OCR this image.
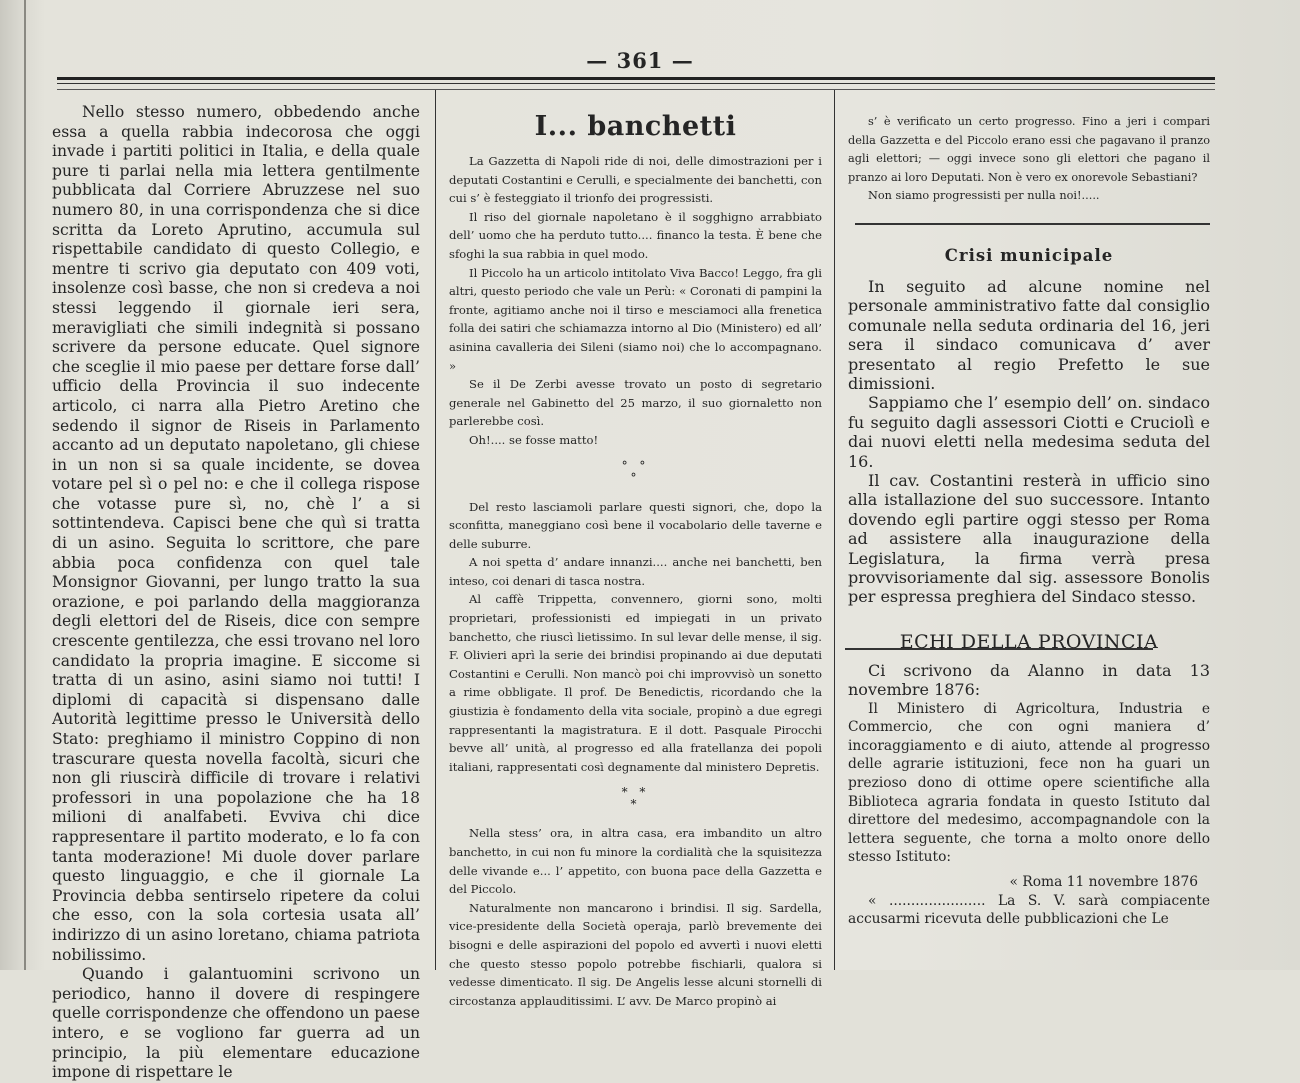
— 361 —

Nello stesso numero, obbedendo anche essa a quella rabbia indecorosa che oggi invade i partiti politici in Italia, e della quale pure ti parlai nella mia lettera gentilmente pubblicata dal Corriere Abruzzese nel suo numero 80, in una corrispondenza che si dice scritta da Loreto Aprutino, accumula sul rispettabile candidato di questo Collegio, e mentre ti scrivo gia deputato con 409 voti, insolenze così basse, che non si credeva a noi stessi leggendo il giornale ieri sera, meravigliati che simili indegnità si possano scrivere da persone educate. Quel signore che sceglie il mio paese per dettare forse dall’ ufficio della Provincia il suo indecente articolo, ci narra alla Pietro Aretino che sedendo il signor de Riseis in Parlamento accanto ad un deputato napoletano, gli chiese in un non si sa quale incidente, se dovea votare pel sì o pel no: e che il collega rispose che votasse pure sì, no, chè l’ a si sottintendeva. Capisci bene che quì si tratta di un asino. Seguita lo scrittore, che pare abbia poca confidenza con quel tale Monsignor Giovanni, per lungo tratto la sua orazione, e poi parlando della maggioranza degli elettori del de Riseis, dice con sempre crescente gentilezza, che essi trovano nel loro candidato la propria imagine. E siccome si tratta di un asino, asini siamo noi tutti! I diplomi di capacità si dispensano dalle Autorità legittime presso le Università dello Stato: preghiamo il ministro Coppino di non trascurare questa novella facoltà, sicuri che non gli riuscirà difficile di trovare i relativi professori in una popolazione che ha 18 milioni di analfabeti. Evviva chi dice rappresentare il partito moderato, e lo fa con tanta moderazione! Mi duole dover parlare questo linguaggio, e che il giornale La Provincia debba sentirselo ripetere da colui che esso, con la sola cortesia usata all’ indirizzo di un asino loretano, chiama patriota nobilissimo.

Quando i galantuomini scrivono un periodico, hanno il dovere di respingere quelle corrispondenze che offendono un paese intero, e se vogliono far guerra ad un principio, la più elementare educazione impone di rispettare le

I... banchetti

La Gazzetta di Napoli ride di noi, delle dimostrazioni per i deputati Costantini e Cerulli, e specialmente dei banchetti, con cui s’ è festeggiato il trionfo dei progressisti.

Il riso del giornale napoletano è il sogghigno arrabbiato dell’ uomo che ha perduto tutto.... financo la testa. È bene che sfoghi la sua rabbia in quel modo.

Il Piccolo ha un articolo intitolato Viva Bacco! Leggo, fra gli altri, questo periodo che vale un Perù: « Coronati di pampini la fronte, agitiamo anche noi il tirso e mesciamoci alla frenetica folla dei satiri che schiamazza intorno al Dio (Ministero) ed all’ asinina cavalleria dei Sileni (siamo noi) che lo accompagnano. »

Se il De Zerbi avesse trovato un posto di segretario generale nel Gabinetto del 25 marzo, il suo giornaletto non parlerebbe così.

Oh!.... se fosse matto!

° °
°

Del resto lasciamoli parlare questi signori, che, dopo la sconfitta, maneggiano così bene il vocabolario delle taverne e delle suburre.

A noi spetta d’ andare innanzi.... anche nei banchetti, ben inteso, coi denari di tasca nostra.

Al caffè Trippetta, convennero, giorni sono, molti proprietari, professionisti ed impiegati in un privato banchetto, che riuscì lietissimo. In sul levar delle mense, il sig. F. Olivieri aprì la serie dei brindisi propinando ai due deputati Costantini e Cerulli. Non mancò poi chi improvvisò un sonetto a rime obbligate. Il prof. De Benedictis, ricordando che la giustizia è fondamento della vita sociale, propinò a due egregi rappresentanti la magistratura. E il dott. Pasquale Pirocchi bevve all’ unità, al progresso ed alla fratellanza dei popoli italiani, rappresentati così degnamente dal ministero Depretis.

* *
*

Nella stess’ ora, in altra casa, era imbandito un altro banchetto, in cui non fu minore la cordialità che la squisitezza delle vivande e... l’ appetito, con buona pace della Gazzetta e del Piccolo.

Naturalmente non mancarono i brindisi. Il sig. Sardella, vice-presidente della Società operaja, parlò brevemente dei bisogni e delle aspirazioni del popolo ed avvertì i nuovi eletti che questo stesso popolo potrebbe fischiarli, qualora si vedesse dimenticato. Il sig. De Angelis lesse alcuni stornelli di circostanza applauditissimi. L’ avv. De Marco propinò ai

s’ è verificato un certo progresso. Fino a jeri i compari della Gazzetta e del Piccolo erano essi che pagavano il pranzo agli elettori; — oggi invece sono gli elettori che pagano il pranzo ai loro Deputati. Non è vero ex onorevole Sebastiani?

Non siamo progressisti per nulla noi!.....

Crisi municipale

In seguito ad alcune nomine nel personale amministrativo fatte dal consiglio comunale nella seduta ordinaria del 16, jeri sera il sindaco comunicava d’ aver presentato al regio Prefetto le sue dimissioni.

Sappiamo che l’ esempio dell’ on. sindaco fu seguito dagli assessori Ciotti e Cruciolì e dai nuovi eletti nella medesima seduta del 16.

Il cav. Costantini resterà in ufficio sino alla istallazione del suo successore. Intanto dovendo egli partire oggi stesso per Roma ad assistere alla inaugurazione della Legislatura, la firma verrà presa provvisoriamente dal sig. assessore Bonolis per espressa preghiera del Sindaco stesso.

ECHI DELLA PROVINCIA

Ci scrivono da Alanno in data 13 novembre 1876:

Il Ministero di Agricoltura, Industria e Commercio, che con ogni maniera d’ incoraggiamento e di aiuto, attende al progresso delle agrarie istituzioni, fece non ha guari un prezioso dono di ottime opere scientifiche alla Biblioteca agraria fondata in questo Istituto dal direttore del medesimo, accompagnandole con la lettera seguente, che torna a molto onore dello stesso Istituto:

« Roma 11 novembre 1876

« ...................... La S. V. sarà compiacente accusarmi ricevuta delle pubblicazioni che Le
